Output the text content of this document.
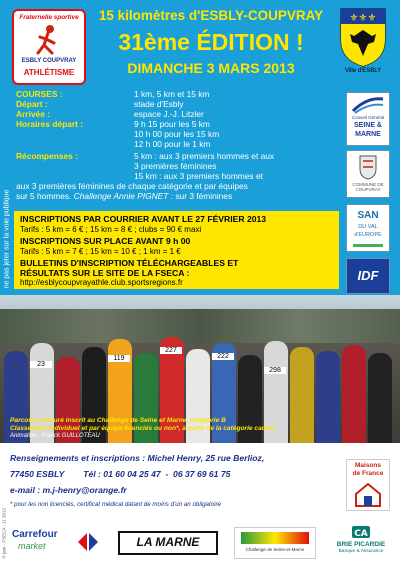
Fraternelle sportive
ESBLY COUPVRAY
ATHLÉTISME
15 kilomètres d'ESBLY-COUPVRAY
31ème ÉDITION !
DIMANCHE 3 MARS 2013
⚜⚜⚜
Ville d'ESBLY
ne pas jeter sur la voie publique
COURSES :	1 km, 5 km et 15 km
Départ :	stade d'Esbly
Arrivée :	espace J.-J. Litzler
Horaires départ :	9 h 15 pour les 5 km
10 h 00 pour les 15 km
12 h 00 pour le 1 km
Récompenses :	5 km : aux 3 premiers hommes et aux
3 premières féminines
15 km : aux 3 premiers hommes et
aux 3 premières féminines de chaque catégorie et par équipes
sur 5 hommes. Challenge Annie PIGNET : sur 3 féminines
Conseil Général
SEINE &
MARNE
COMMUNE DE COUPVRAY
SAN
DU VAL
d'EUROPE
IDF
INSCRIPTIONS PAR COURRIER AVANT LE 27 FÉVRIER 2013
Tarifs : 5 km = 6 € ; 15 km = 8 € ; clubs = 90 € maxi
INSCRIPTIONS SUR PLACE AVANT 9 h 00
Tarifs : 5 km = 7 € ; 15 km = 10 € ; 1 km = 1 €
BULLETINS D'INSCRIPTION TÉLÉCHARGEABLES ET
RÉSULTATS SUR LE SITE DE LA FSECA :
http://esblycoupvrayathle.club.sportsregions.fr
227
298
119	222
23
Parcours mesuré inscrit au Challenge de Seine et Marne, catégorie B
Classement individuel et par équipe licenciés ou non*, à partir de la catégorie cadets
Animation : Franck GUILLOTEAU
Renseignements et inscriptions : Michel Henry, 25 rue Berlioz,
77450 ESBLY        Tél : 01 60 04 25 47  -  06 37 69 61 75
e-mail : m.j-henry@orange.fr
* pour les non licenciés, certificat médical datant de moins d'un an obligatoire
© jam - FSECA - 11 2012
Maisons
de France
Carrefour
market	LA MARNE
Challenge de Seine-et-Marne
CA
BRIE PICARDIE
Banque & Assurance
